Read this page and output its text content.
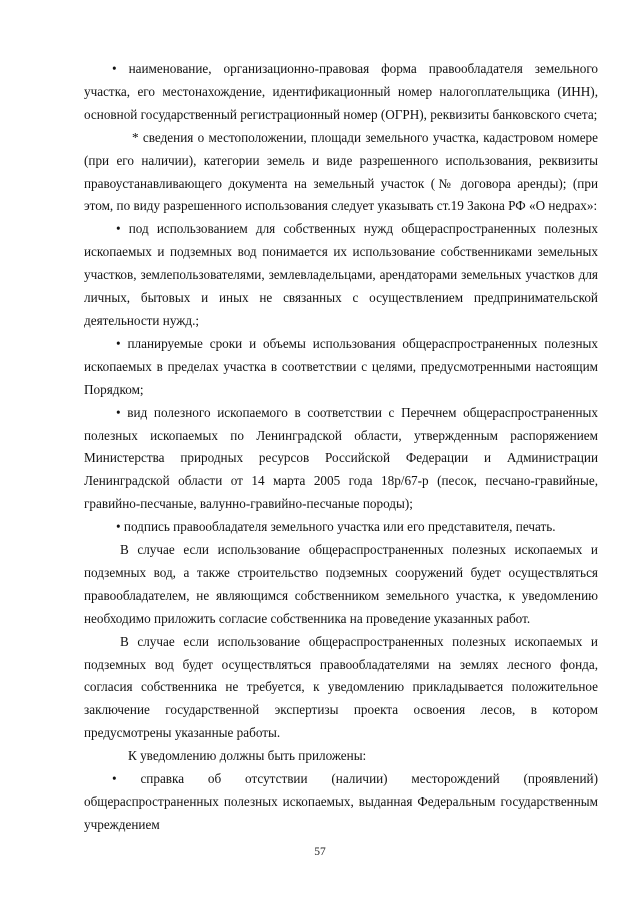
• наименование, организационно-правовая форма правообладателя земельного участка, его местонахождение, идентификационный номер налогоплательщика (ИНН), основной государственный регистрационный номер (ОГРН), реквизиты банковского счета;

* сведения о местоположении, площади земельного участка, кадастровом номере (при его наличии), категории земель и виде разрешенного использования, реквизиты правоустанавливающего документа на земельный участок (№ договора аренды); (при этом, по виду разрешенного использования следует указывать ст.19 Закона РФ «О недрах»:

• под использованием для собственных нужд общераспространенных полезных ископаемых и подземных вод понимается их использование собственниками земельных участков, землепользователями, землевладельцами, арендаторами земельных участков для личных, бытовых и иных не связанных с осуществлением предпринимательской деятельности нужд.;

• планируемые сроки и объемы использования общераспространенных полезных ископаемых в пределах участка в соответствии с целями, предусмотренными настоящим Порядком;

• вид полезного ископаемого в соответствии с Перечнем общераспространенных полезных ископаемых по Ленинградской области, утвержденным распоряжением Министерства природных ресурсов Российской Федерации и Администрации Ленинградской области от 14 марта 2005 года 18р/67-р (песок, песчано-гравийные, гравийно-песчаные, валунно-гравийно-песчаные породы);

• подпись правообладателя земельного участка или его представителя, печать.

В случае если использование общераспространенных полезных ископаемых и подземных вод, а также строительство подземных сооружений будет осуществляться правообладателем, не являющимся собственником земельного участка, к уведомлению необходимо приложить согласие собственника на проведение указанных работ.

В случае если использование общераспространенных полезных ископаемых и подземных вод будет осуществляться правообладателями на землях лесного фонда, согласия собственника не требуется, к уведомлению прикладывается положительное заключение государственной экспертизы проекта освоения лесов, в котором предусмотрены указанные работы.

К уведомлению должны быть приложены:

• справка об отсутствии (наличии) месторождений (проявлений) общераспространенных полезных ископаемых, выданная Федеральным государственным учреждением

57
